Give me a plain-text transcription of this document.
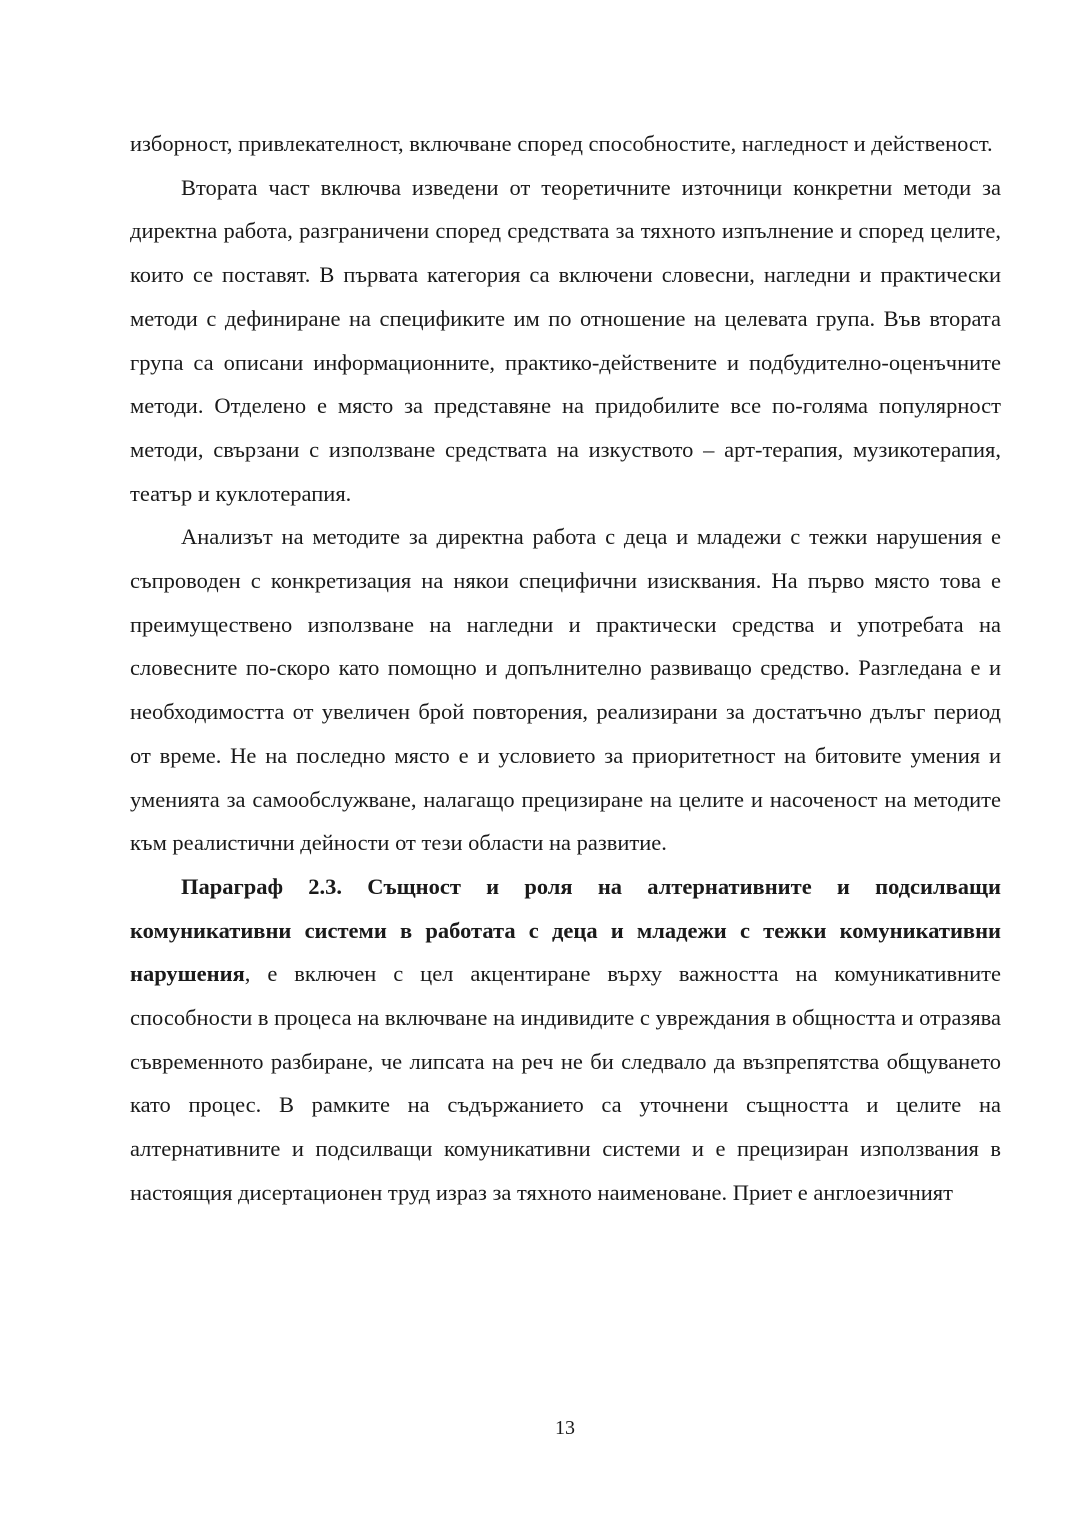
изборност, привлекателност, включване според способностите, нагледност и действеност.

Втората част включва изведени от теоретичните източници конкретни методи за директна работа, разграничени според средствата за тяхното изпълнение и според целите, които се поставят. В първата категория са включени словесни, нагледни и практически методи с дефиниране на спецификите им по отношение на целевата група. Във втората група са описани информационните, практико-действените и подбудително-оценъчните методи. Отделено е място за представяне на придобилите все по-голяма популярност методи, свързани с използване средствата на изкуството – арт-терапия, музикотерапия, театър и куклотерапия.

Анализът на методите за директна работа с деца и младежи с тежки нарушения е съпроводен с конкретизация на някои специфични изисквания. На първо място това е преимуществено използване на нагледни и практически средства и употребата на словесните по-скоро като помощно и допълнително развиващо средство. Разгледана е и необходимостта от увеличен брой повторения, реализирани за достатъчно дълъг период от време. Не на последно място е и условието за приоритетност на битовите умения и уменията за самообслужване, налагащо прецизиране на целите и насоченост на методите към реалистични дейности от тези области на развитие.

Параграф 2.3. Същност и роля на алтернативните и подсилващи комуникативни системи в работата с деца и младежи с тежки комуникативни нарушения, е включен с цел акцентиране върху важността на комуникативните способности в процеса на включване на индивидите с увреждания в общността и отразява съвременното разбиране, че липсата на реч не би следвало да възпрепятства общуването като процес. В рамките на съдържанието са уточнени същността и целите на алтернативните и подсилващи комуникативни системи и е прецизиран използвания в настоящия дисертационен труд израз за тяхното наименоване. Приет е англоезичният

13
